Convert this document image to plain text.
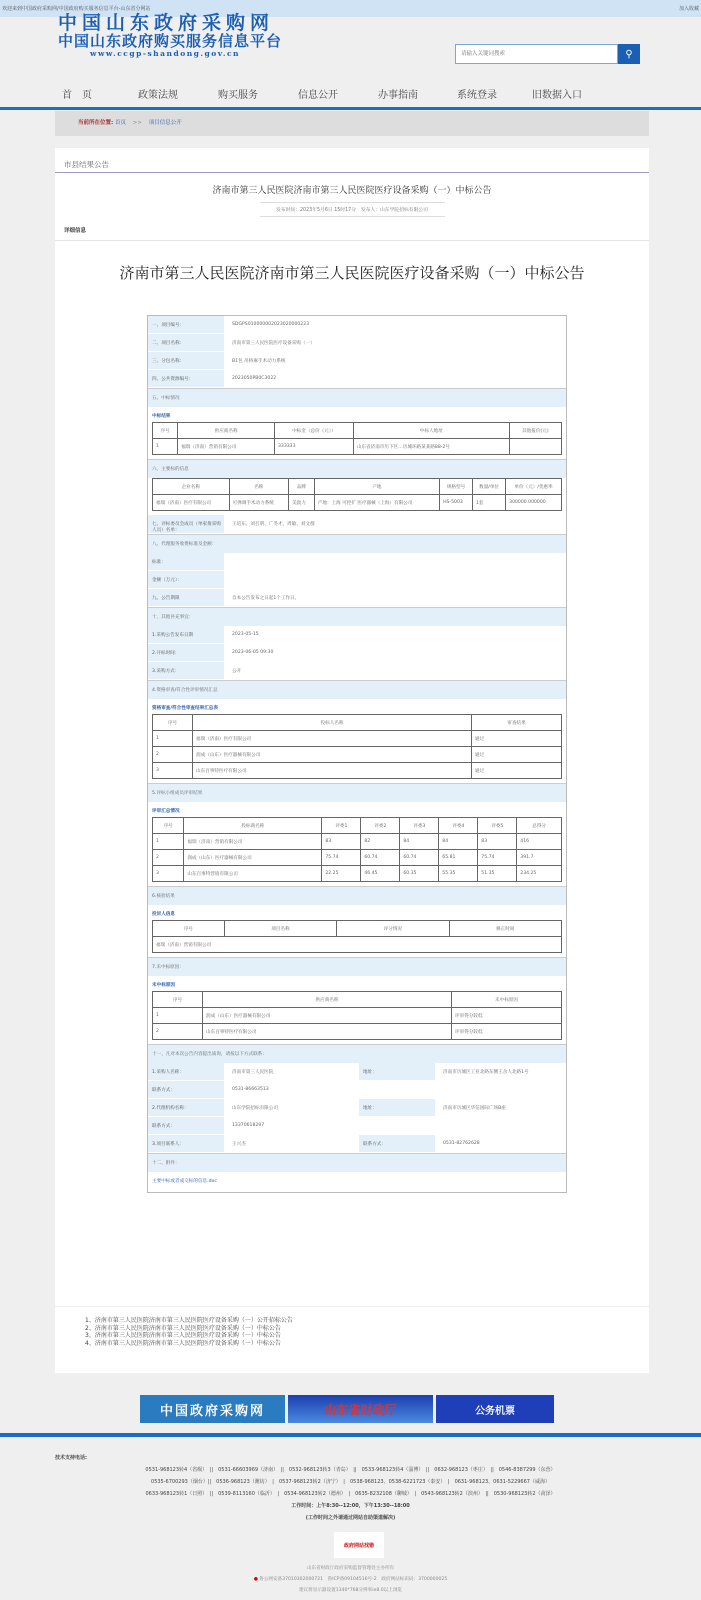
欢迎来到中国政府采购网/中国政府购买服务信息平台-山东省分网站	加入收藏
中国山东政府采购网
中国山东政府购买服务信息平台
www.ccgp-shandong.gov.cn
请输入关键词搜索	⚲
首　页	政策法规	购买服务	信息公开	办事指南	系统登录	旧数据入口
当前所在位置: 首页 >> 项目信息公开
市县结果公告
济南市第三人民医院济南市第三人民医院医疗设备采购（一）中标公告
发布时间：2023年5月6日 15时17分　发布人：山东学院招标有限公司
详细信息
济南市第三人民医院济南市第三人民医院医疗设备采购（一）中标公告
一、项目编号：	SDGPS010000002023020000223
二、项目名称：	济南市第三人民医院医疗设备采购（一）
三、分包名称：	B1包 吊桥麻手术动力系统
四、公共资源编号：	2023050PB0C3022
五、中标情况
中标结果
序号	供应商名称	中标金（总价（元））	中标人地址	其他报价(元)
1	福瑞（济南）营销有限公司	333333	山东省济南市历下区…历城环路某某路88-2号	
六、主要标的信息
企业名称	名称	品牌	产地	规格型号	数量/单位	单价（元）/优惠率
福瑞（济南）医疗有限公司	可弹调手术动力系统	美敦力	产地：上海 可控扩 医疗器械（上海）有限公司	HS-5003	1套	300000.000000
七、评标委员会成员（单家推采购人员）名单：
王培东、刘召明、广冬才、周敏、刘文群
八、代理服务收费标准及金额：
标准：
金额（万元）：
九、公告期限	自本公告发布之日起1个工作日。
十、其他补充事宜：
1.采购公告发布日期	2023-05-15
2.开标时间：	2023-06-05 09:30
3.采购方式：	公开
4.资格审查/符合性评审情况汇总
资格审查/符合性审查结果汇总表
序号	投标人名称	审查结果
1	福瑞（济南）医疗有限公司	通过
2	润成（山东）医疗器械有限公司	通过
3	山东百事特医疗有限公司	通过
5.评标小组成员评审结果
评审汇总情况
序号	投标商名称	评委1	评委2	评委3	评委4	评委5	总得分
1	福瑞（济南）营销有限公司	83	82	84	84	83	416
2	润成（山东）医疗器械有限公司	75.74	60.74	60.74	65.81	75.74	391.7
3	山东百事特营销有限公司	22.25	46.45	60.35	55.35	51.35	234.25
6.核验结果
投诉人信息
序号	项目名称	评分情况	修正时间
福瑞（济南）营销有限公司
7.未中标原因：
未中标原因
序号	供应商名称	未中标原因
1	润成（山东）医疗器械有限公司	评审得分较低
2	山东百事特医疗有限公司	评审得分较低
十一、凡对本次公告内容提出质询，请按以下方式联系：
1.采购人名称：	济南市第三人民医院	地址：	济南市历城区工业北路东侧王舍人北路1号
联系方式：	0531-86663513
2.代理机构名称：	山东学院招标有限公司	地址：	济南市历城区华信国际广场B座
联系方式：	13370618297
3.项目联系人：	王兴杰	联系方式：	0531-82762628
十二、附件：
主要中标或者成交标的信息.doc
1、济南市第三人民医院济南市第三人民医院医疗设备采购（一）公开招标公告
2、济南市第三人民医院济南市第三人民医院医疗设备采购（一）中标公告
3、济南市第三人民医院济南市第三人民医院医疗设备采购（一）中标公告
4、济南市第三人民医院济南市第三人民医院医疗设备采购（一）中标公告
中国政府采购网	山东省财政厅	公务机票
技术支持电话:
0531-968123转4（省级）　||　0531-66603969（济南）　||　0532-968123转3（青岛）　||　0533-968123转4（淄博）　||　0632-968123（枣庄）　||　0546-8387299（东营）
0535-6700293（烟台）||　0536-968123（潍坊）　|　0537-968123转2（济宁）　|　0538-968123、0538-6221723（泰安）　|　0631-968123、0631-5229667（威海）
0633-968123转1（日照）　||　0539-8113160（临沂）　|　0534-968123转2（德州）　|　0635-8232108（聊城）　|　0543-968123转2（滨州）　||　0530-968123转2（菏泽）
工作时间：上午8:30--12:00，下午13:30--18:00
(工作时间之外请通过网站自助渠道解决)
政府网站找错
山东省财政厅政府采购监督管理处主办所有
● 鲁公网安备37010302000721　鲁ICP备09104516号-2　政府网站标识码：3700000025
建议将显示器设置1340*768分辨率ie8.0以上浏览
